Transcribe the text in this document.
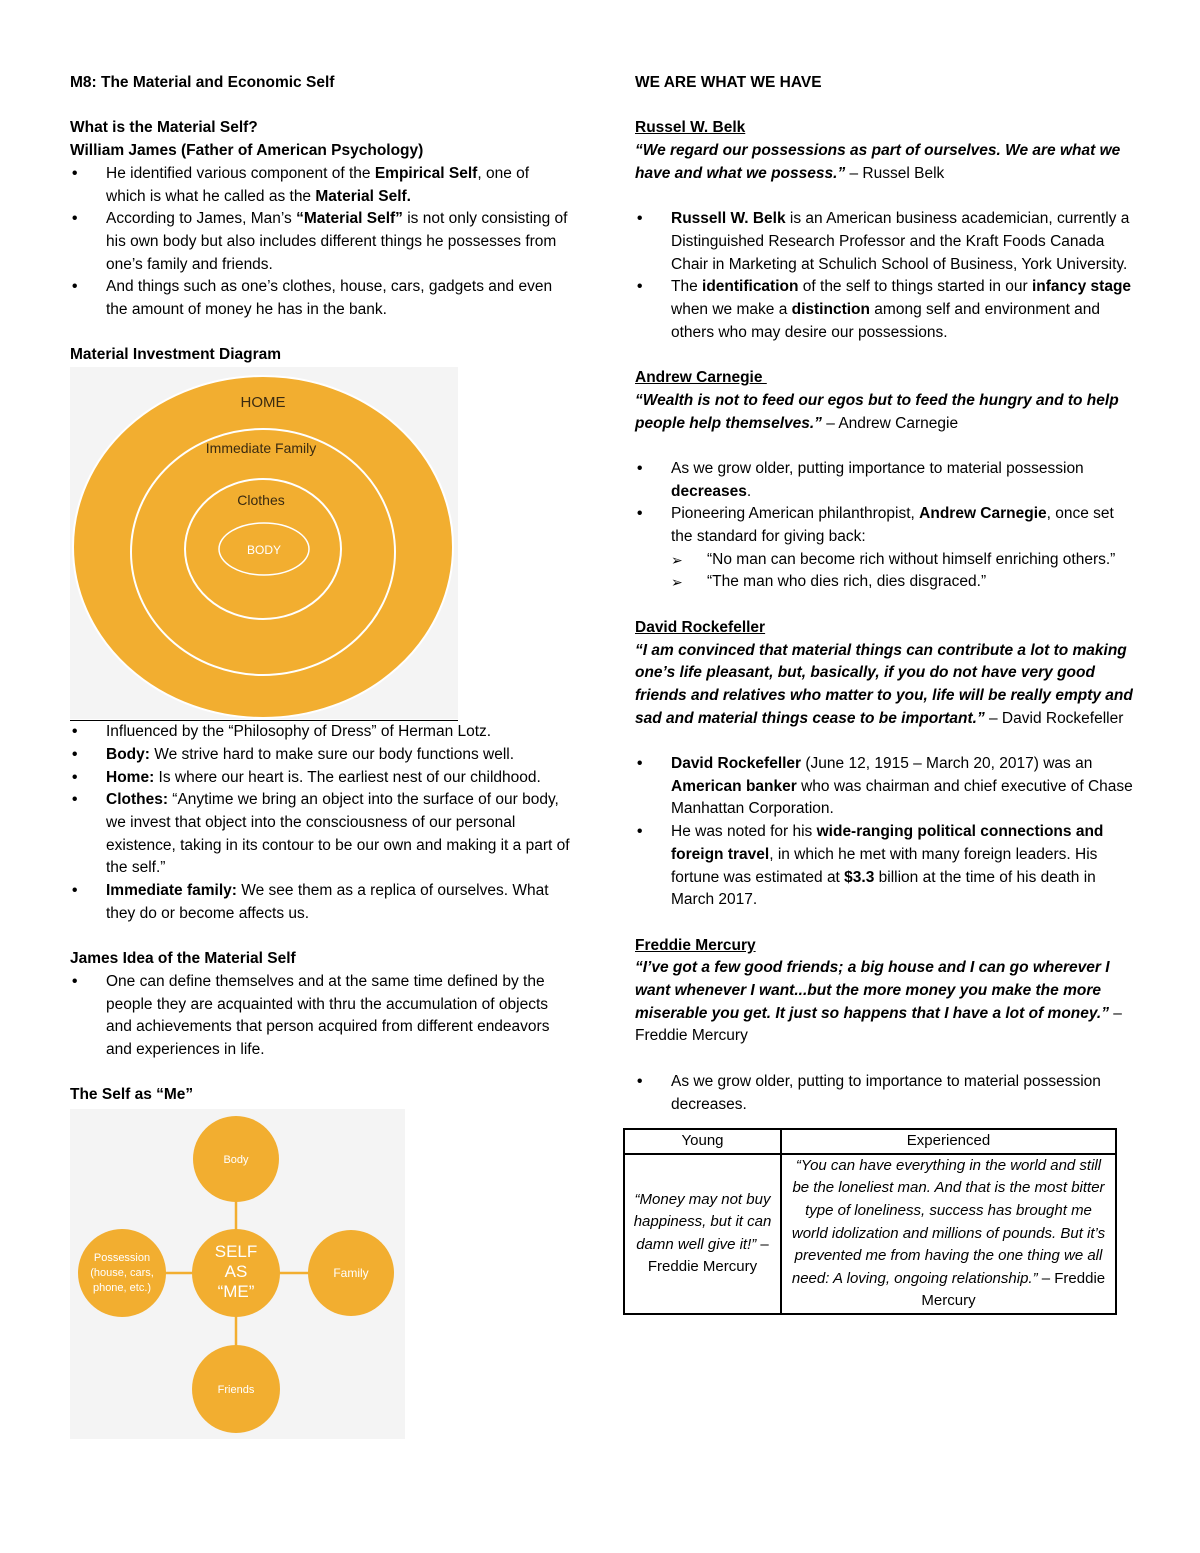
M8: The Material and Economic Self

What is the Material Self?

William James (Father of American Psychology)

• He identified various component of the Empirical Self, one of which is what he called as the Material Self.
• According to James, Man’s “Material Self” is not only consisting of his own body but also includes different things he possesses from one’s family and friends.
• And things such as one’s clothes, house, cars, gadgets and even the amount of money he has in the bank.

Material Investment Diagram

HOME
Immediate Family
Clothes
BODY
• Influenced by the “Philosophy of Dress” of Herman Lotz.
• Body: We strive hard to make sure our body functions well.
• Home: Is where our heart is. The earliest nest of our childhood.
• Clothes: “Anytime we bring an object into the surface of our body, we invest that object into the consciousness of our personal existence, taking in its contour to be our own and making it a part of the self.”
• Immediate family: We see them as a replica of ourselves. What they do or become affects us.

James Idea of the Material Self

• One can define themselves and at the same time defined by the people they are acquainted with thru the accumulation of objects and achievements that person acquired from different endeavors and experiences in life.

The Self as “Me”

Body
Family
Friends
Possession
(house, cars,
phone, etc.)
SELF
AS
“ME”

WE ARE WHAT WE HAVE

Russel W. Belk

“We regard our possessions as part of ourselves. We are what we have and what we possess.” – Russel Belk

• Russell W. Belk is an American business academician, currently a Distinguished Research Professor and the Kraft Foods Canada Chair in Marketing at Schulich School of Business, York University.
• The identification of the self to things started in our infancy stage when we make a distinction among self and environment and others who may desire our possessions.

Andrew Carnegie

“Wealth is not to feed our egos but to feed the hungry and to help people help themselves.” – Andrew Carnegie

• As we grow older, putting importance to material possession decreases.
• Pioneering American philanthropist, Andrew Carnegie, once set the standard for giving back:
➢ “No man can become rich without himself enriching others.”
➢ “The man who dies rich, dies disgraced.”

David Rockefeller

“I am convinced that material things can contribute a lot to making one’s life pleasant, but, basically, if you do not have very good friends and relatives who matter to you, life will be really empty and sad and material things cease to be important.” – David Rockefeller

• David Rockefeller (June 12, 1915 – March 20, 2017) was an American banker who was chairman and chief executive of Chase Manhattan Corporation.
• He was noted for his wide-ranging political connections and foreign travel, in which he met with many foreign leaders. His fortune was estimated at $3.3 billion at the time of his death in March 2017.

Freddie Mercury

“I’ve got a few good friends; a big house and I can go wherever I want whenever I want...but the more money you make the more miserable you get. It just so happens that I have a lot of money.” – Freddie Mercury

• As we grow older, putting to importance to material possession decreases.
Young	Experienced
“Money may not buy happiness, but it can damn well give it!” – Freddie Mercury	“You can have everything in the world and still be the loneliest man. And that is the most bitter type of loneliness, success has brought me world idolization and millions of pounds. But it’s prevented me from having the one thing we all need: A loving, ongoing relationship.” – Freddie Mercury
